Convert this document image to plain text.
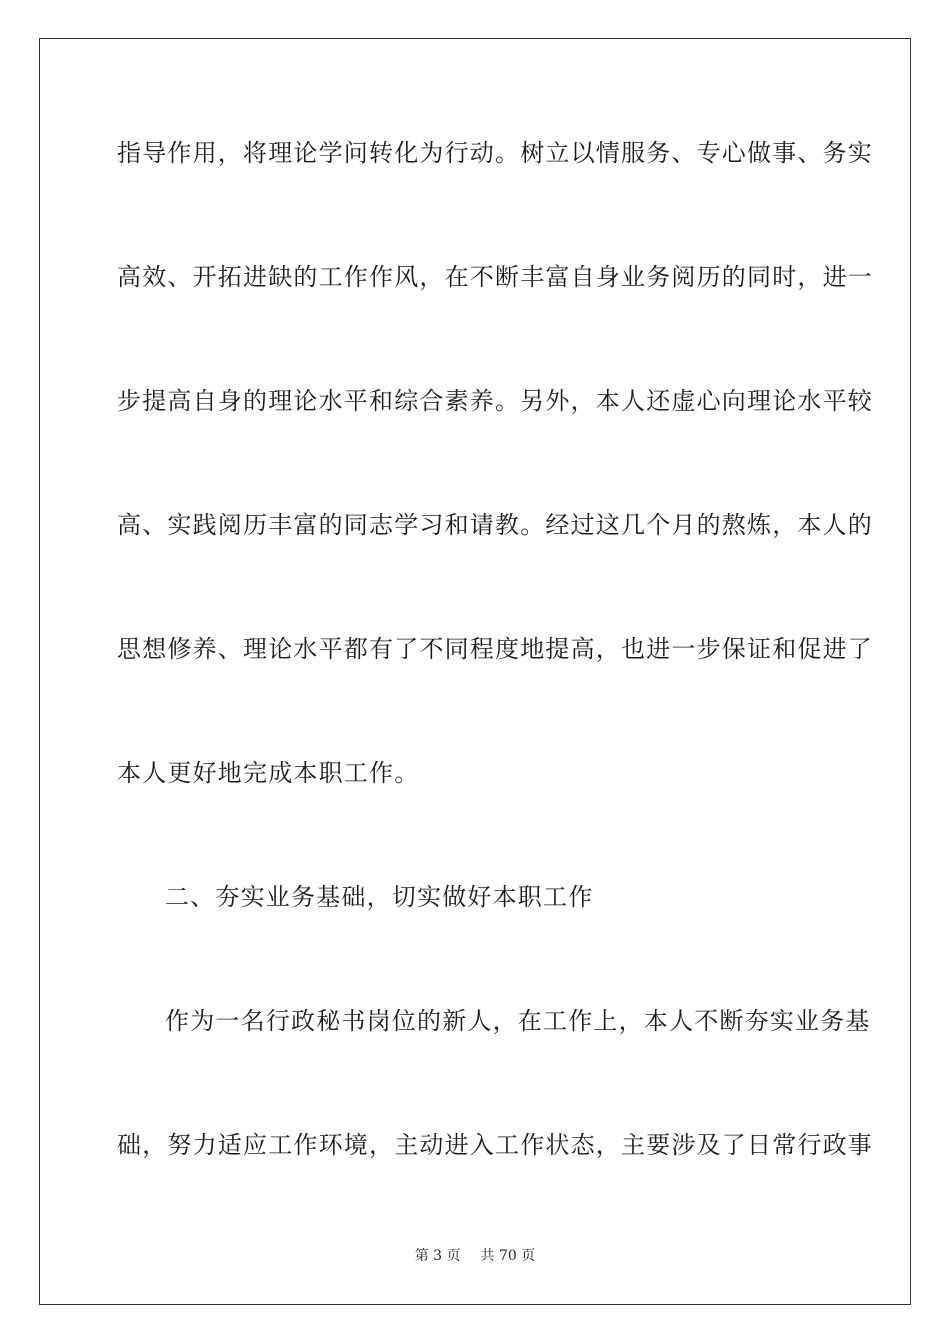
指导作用，将理论学问转化为行动。树立以情服务、专心做事、务实
高效、开拓进缺的工作作风，在不断丰富自身业务阅历的同时，进一
步提高自身的理论水平和综合素养。另外，本人还虚心向理论水平较
高、实践阅历丰富的同志学习和请教。经过这几个月的熬炼，本人的
思想修养、理论水平都有了不同程度地提高，也进一步保证和促进了
本人更好地完成本职工作。
二、夯实业务基础，切实做好本职工作
作为一名行政秘书岗位的新人，在工作上，本人不断夯实业务基
础，努力适应工作环境，主动进入工作状态，主要涉及了日常行政事
第 3 页 共 70 页
